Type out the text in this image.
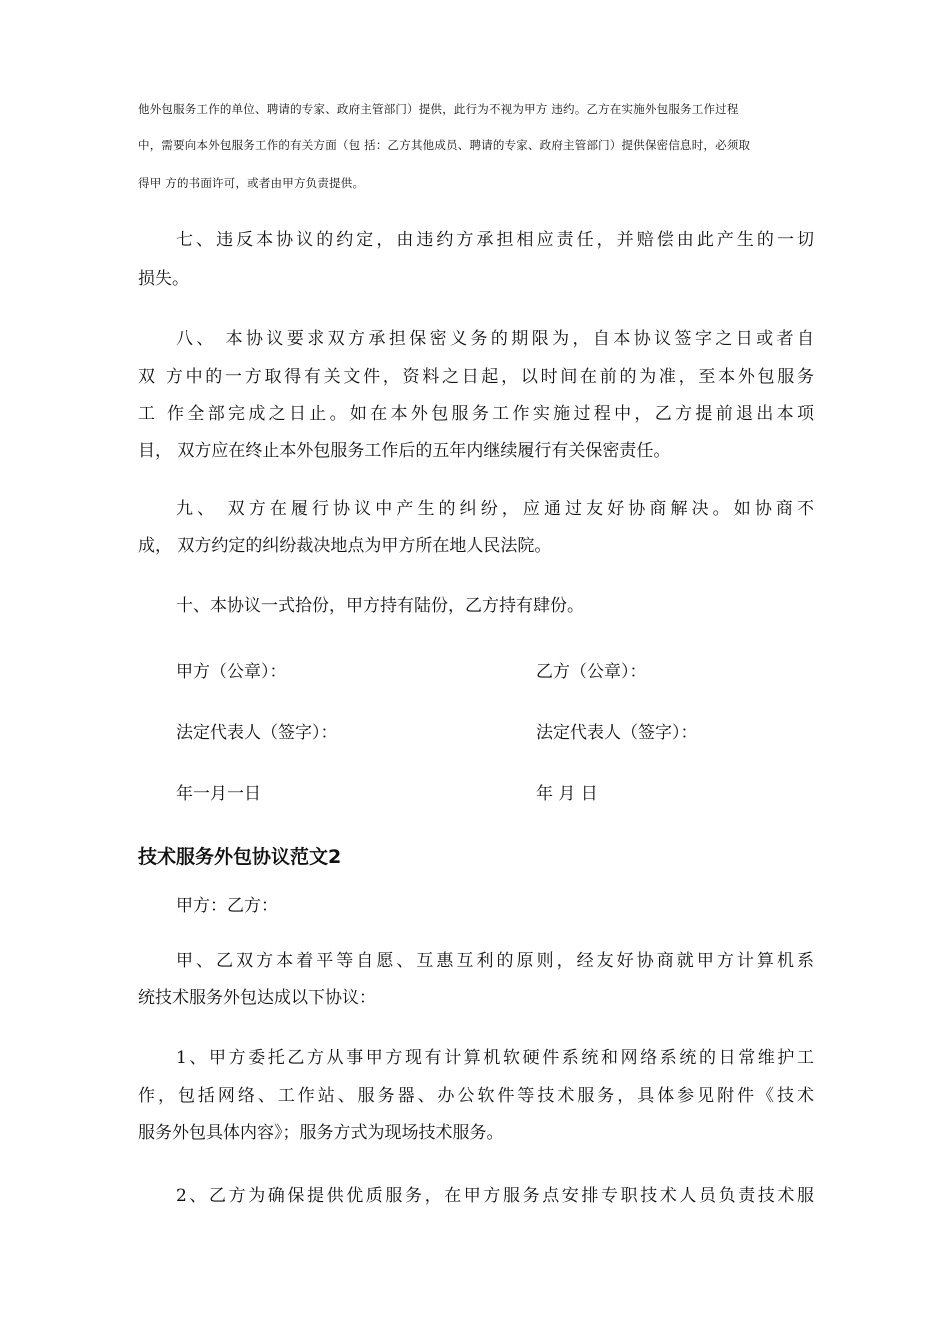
他外包服务工作的单位、聘请的专家、政府主管部门）提供，此行为不视为甲方 违约。乙方在实施外包服务工作过程
中，需要向本外包服务工作的有关方面（包 括：乙方其他成员、聘请的专家、政府主管部门）提供保密信息时，必须取
得甲 方的书面许可，或者由甲方负责提供。
七、违反本协议的约定，由违约方承担相应责任，并赔偿由此产生的一切
损失。
八、 本协议要求双方承担保密义务的期限为，自本协议签字之日或者自
双 方中的一方取得有关文件，资料之日起，以时间在前的为准，至本外包服务
工 作全部完成之日止。如在本外包服务工作实施过程中，乙方提前退出本项
目， 双方应在终止本外包服务工作后的五年内继续履行有关保密责任。
九、 双方在履行协议中产生的纠纷，应通过友好协商解决。如协商不
成， 双方约定的纠纷裁决地点为甲方所在地人民法院。
十、本协议一式拾份，甲方持有陆份，乙方持有肆份。
甲方（公章）：	乙方（公章）：
法定代表人（签字）：	法定代表人（签字）：
年一月一日	年 月 日
技术服务外包协议范文2
甲方：乙方：
甲、乙双方本着平等自愿、互惠互利的原则，经友好协商就甲方计算机系
统技术服务外包达成以下协议：
1、甲方委托乙方从事甲方现有计算机软硬件系统和网络系统的日常维护工
作，包括网络、工作站、服务器、办公软件等技术服务，具体参见附件《技术
服务外包具体内容》；服务方式为现场技术服务。
2、乙方为确保提供优质服务，在甲方服务点安排专职技术人员负责技术服
